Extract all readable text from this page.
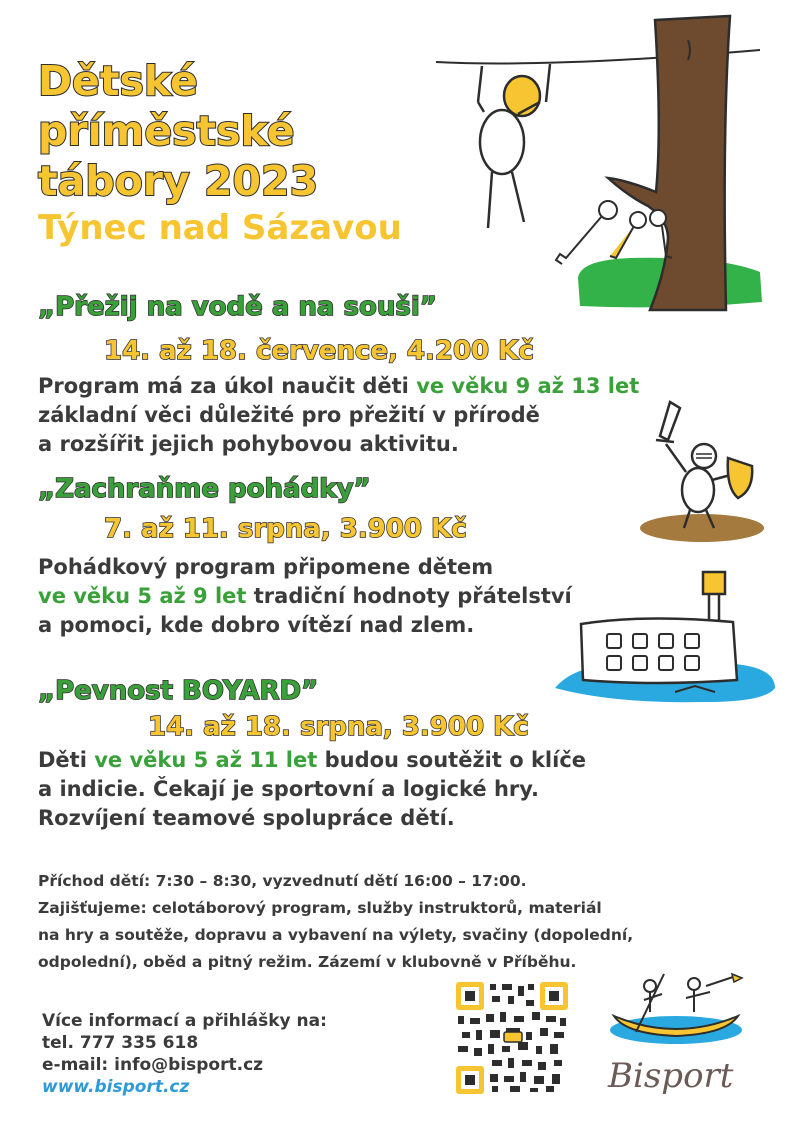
Dětské
příměstské
tábory 2023
Týnec nad Sázavou
„Přežij na vodě a na souši”
14. až 18. července, 4.200 Kč
Program má za úkol naučit děti ve věku 9 až 13 let
základní věci důležité pro přežití v přírodě
a rozšířit jejich pohybovou aktivitu.
„Zachraňme pohádky”
7. až 11. srpna, 3.900 Kč
Pohádkový program připomene dětem
ve věku 5 až 9 let tradiční hodnoty přátelství
a pomoci, kde dobro vítězí nad zlem.
„Pevnost BOYARD”
14. až 18. srpna, 3.900 Kč
Děti ve věku 5 až 11 let budou soutěžit o klíče
a indicie. Čekají je sportovní a logické hry.
Rozvíjení teamové spolupráce dětí.
Příchod dětí: 7:30 – 8:30, vyzvednutí dětí 16:00 – 17:00.
Zajišťujeme: celotáborový program, služby instruktorů, materiál
na hry a soutěže, dopravu a vybavení na výlety, svačiny (dopolední,
odpolední), oběd a pitný režim. Zázemí v klubovně v Příběhu.
Více informací a přihlášky na:
tel. 777 335 618
e-mail: info@bisport.cz
www.bisport.cz	Bisport
